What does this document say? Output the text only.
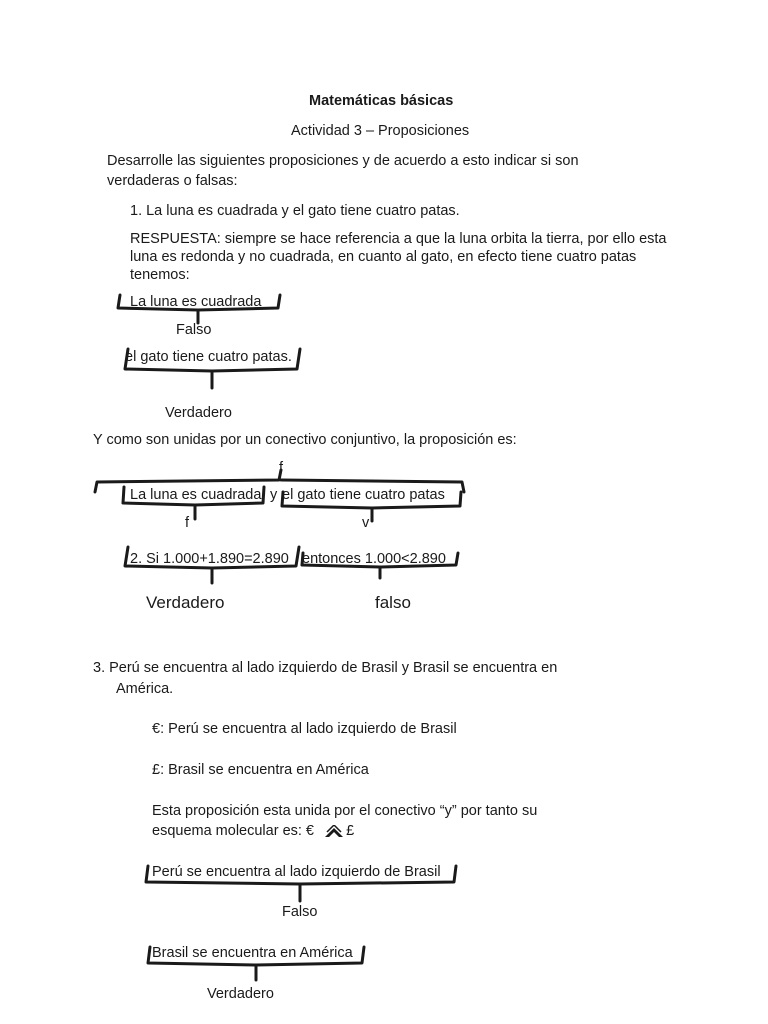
Matemáticas básicas
Actividad 3 – Proposiciones
Desarrolle las siguientes proposiciones y de acuerdo a esto indicar si son
verdaderas o falsas:
1. La luna es cuadrada y el gato tiene cuatro patas.
RESPUESTA: siempre se hace referencia a que la luna orbita la tierra, por ello esta
luna es redonda y no cuadrada, en cuanto al gato, en efecto tiene cuatro patas
tenemos:
La luna es cuadrada
Falso
el gato tiene cuatro patas.
Verdadero
Y como son unidas por un conectivo conjuntivo, la proposición es:
f
La luna es cuadrada y el gato tiene cuatro patas
f	v
2. Si 1.000+1.890=2.890 entonces 1.000<2.890
Verdadero	falso
3. Perú se encuentra al lado izquierdo de Brasil y Brasil se encuentra en
América.
€: Perú se encuentra al lado izquierdo de Brasil
£: Brasil se encuentra en América
Esta proposición esta unida por el conectivo “y” por tanto su
esquema molecular es: € £
Perú se encuentra al lado izquierdo de Brasil
Falso
Brasil se encuentra en América
Verdadero
